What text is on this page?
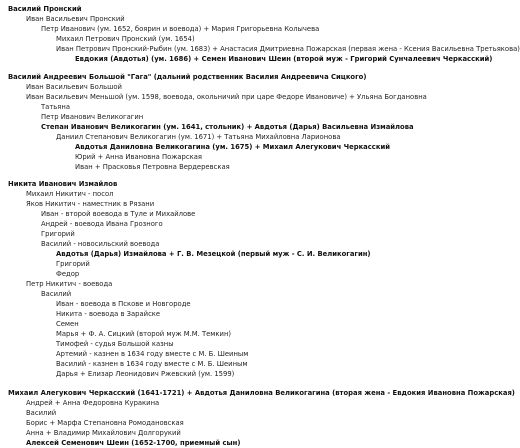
Василий Пронский
Иван Васильевич Пронский
Петр Иванович (ум. 1652, боярин и воевода) + Мария Григорьевна Колычева
Михаил Петрович Пронский (ум. 1654)
Иван Петрович Пронский-Рыбин (ум. 1683) + Анастасия Дмитриевна Пожарская (первая жена - Ксения Васильевна Третьякова)
Евдокия (Авдотья) (ум. 1686) + Семен Иванович Шеин (второй муж - Григорий Сунчалеевич Черкасский)
Василий Андреевич Большой "Гага" (дальний родственник Василия Андреевича Сицкого)
Иван Васильевич Большой
Иван Васильевич Меньшой (ум. 1598, воевода, окольничий при царе Федоре Ивановиче) + Ульяна Богдановна
Татьяна
Петр Иванович Великогагин
Степан Иванович Великогагин (ум. 1641, стольник) + Авдотья (Дарья) Васильевна Измайлова
Даниил Степанович Великогагин (ум. 1671) + Татьяна Михайловна Ларионова
Авдотья Даниловна Великогагина (ум. 1675) + Михаил Алегукович Черкасский
Юрий + Анна Ивановна Пожарская
Иван + Прасковья Петровна Вердеревская
Никита Иванович Измайлов
Михаил Никитич - посол
Яков Никитич - наместник в Рязани
Иван - второй воевода в Туле и Михайлове
Андрей - воевода Ивана Грозного
Григорий
Василий - новосильский воевода
Авдотья (Дарья) Измайлова + Г. В. Мезецкой (первый муж - С. И. Великогагин)
Григорий
Федор
Петр Никитич - воевода
Василий
Иван - воевода в Пскове и Новгороде
Никита - воевода в Зарайске
Семен
Марья + Ф. А. Сицкий (второй муж М.М. Темкин)
Тимофей - судья Большой казны
Артемий - казнен в 1634 году вместе с М. Б. Шеиным
Василий - казнен в 1634 году вместе с М. Б. Шеиным
Дарья + Елизар Леонидович Ржевский (ум. 1599)
Михаил Алегукович Черкасский (1641-1721) + Авдотья Даниловна Великогагина (вторая жена - Евдокия Ивановна Пожарская)
Андрей + Анна Федоровна Куракина
Василий
Борис + Марфа Степановна Ромодановская
Анна + Владимир Михайлович Долгорукий
Алексей Семенович Шеин (1652-1700, приемный сын)
